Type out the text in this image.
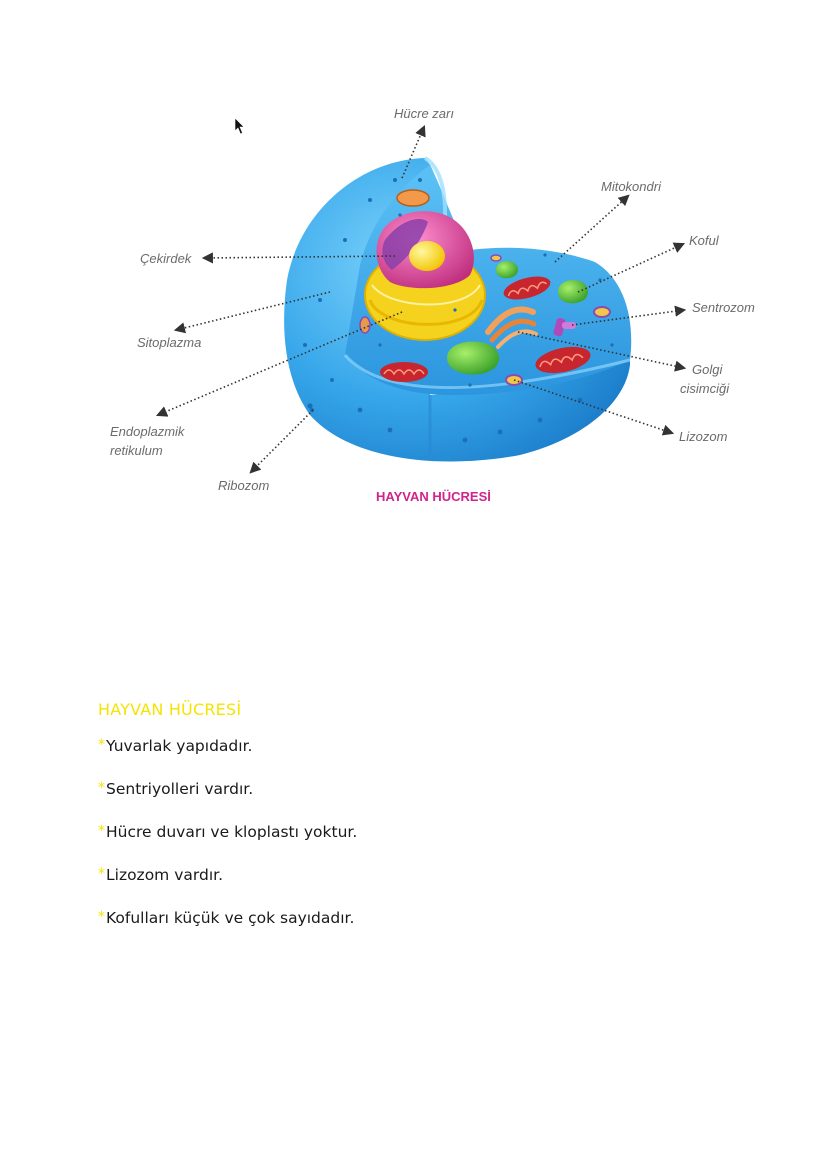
Hücre zarı
Mitokondri
Koful
Sentrozom
Golgi
cisimciği
Lizozom
Çekirdek
Sitoplazma
Endoplazmik
retikulum
Ribozom
HAYVAN HÜCRESİ
HAYVAN HÜCRESİ
*Yuvarlak yapıdadır.
*Sentriyolleri vardır.
*Hücre duvarı ve kloplastı yoktur.
*Lizozom vardır.
*Kofulları küçük ve çok sayıdadır.
